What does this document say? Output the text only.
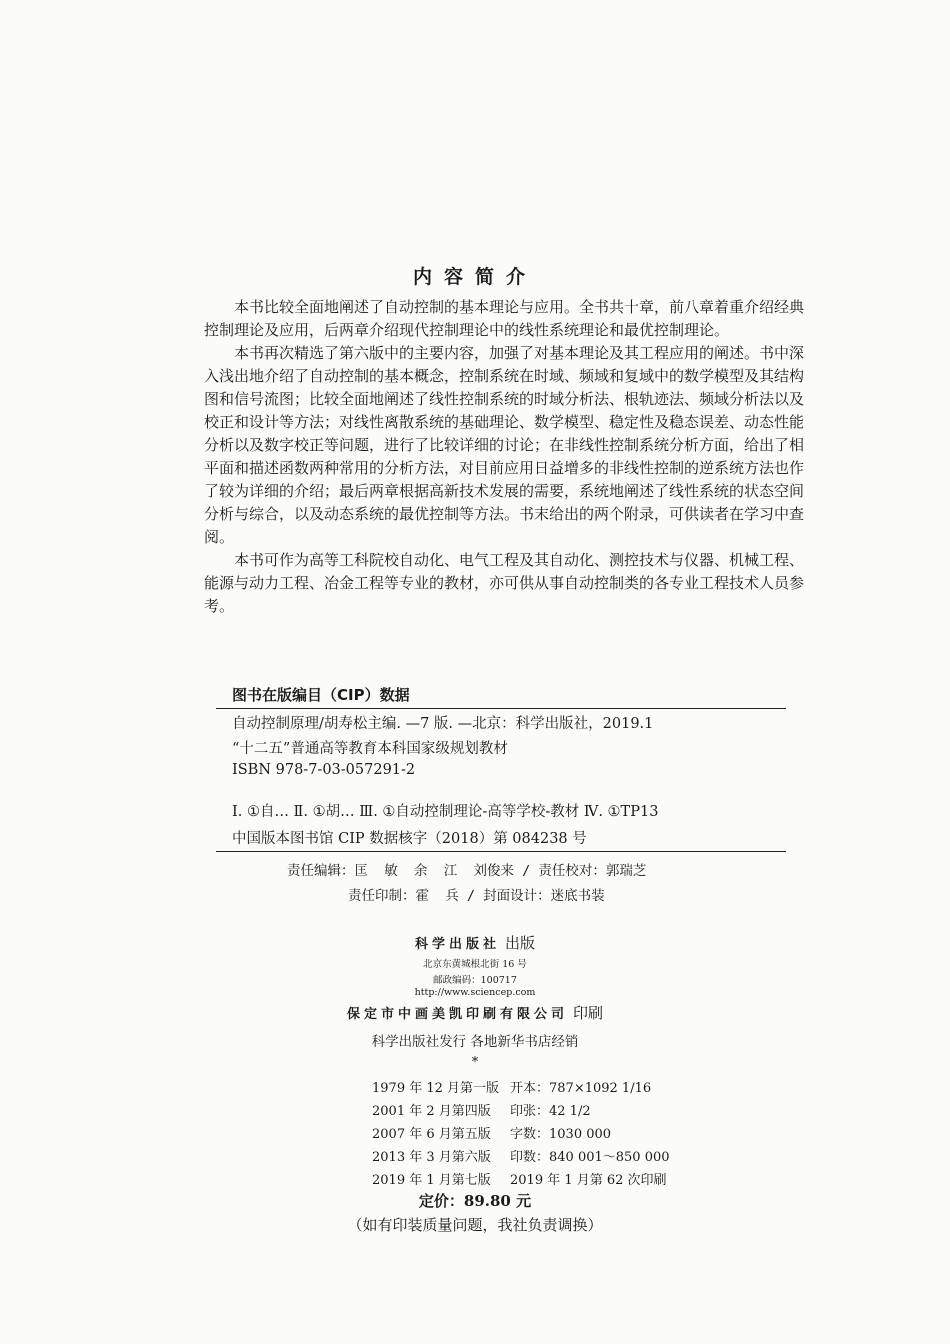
内容简介

本书比较全面地阐述了自动控制的基本理论与应用。全书共十章，前八章着重介绍经典控制理论及应用，后两章介绍现代控制理论中的线性系统理论和最优控制理论。

本书再次精选了第六版中的主要内容，加强了对基本理论及其工程应用的阐述。书中深入浅出地介绍了自动控制的基本概念，控制系统在时域、频域和复域中的数学模型及其结构图和信号流图；比较全面地阐述了线性控制系统的时域分析法、根轨迹法、频域分析法以及校正和设计等方法；对线性离散系统的基础理论、数学模型、稳定性及稳态误差、动态性能分析以及数字校正等问题，进行了比较详细的讨论；在非线性控制系统分析方面，给出了相平面和描述函数两种常用的分析方法，对目前应用日益增多的非线性控制的逆系统方法也作了较为详细的介绍；最后两章根据高新技术发展的需要，系统地阐述了线性系统的状态空间分析与综合，以及动态系统的最优控制等方法。书末给出的两个附录，可供读者在学习中查阅。

本书可作为高等工科院校自动化、电气工程及其自动化、测控技术与仪器、机械工程、能源与动力工程、冶金工程等专业的教材，亦可供从事自动控制类的各专业工程技术人员参考。

图书在版编目（CIP）数据
自动控制原理/胡寿松主编. —7 版. —北京：科学出版社，2019.1
“十二五”普通高等教育本科国家级规划教材
ISBN 978-7-03-057291-2
Ⅰ. ①自… Ⅱ. ①胡… Ⅲ. ①自动控制理论-高等学校-教材 Ⅳ. ①TP13
中国版本图书馆 CIP 数据核字（2018）第 084238 号
责任编辑：匡  敏  余  江  刘俊来 / 责任校对：郭瑞芝
责任印制：霍  兵 / 封面设计：迷底书装
科学出版社 出版
北京东黄城根北街 16 号
邮政编码：100717
http://www.sciencep.com
保定市中画美凯印刷有限公司 印刷
科学出版社发行 各地新华书店经销
*
1979 年 12 月第一版	开本：787×1092 1/16
2001 年 2 月第四版	印张：42 1/2
2007 年 6 月第五版	字数：1030 000
2013 年 3 月第六版	印数：840 001～850 000
2019 年 1 月第七版	2019 年 1 月第 62 次印刷
定价：89.80 元
（如有印装质量问题，我社负责调换）
